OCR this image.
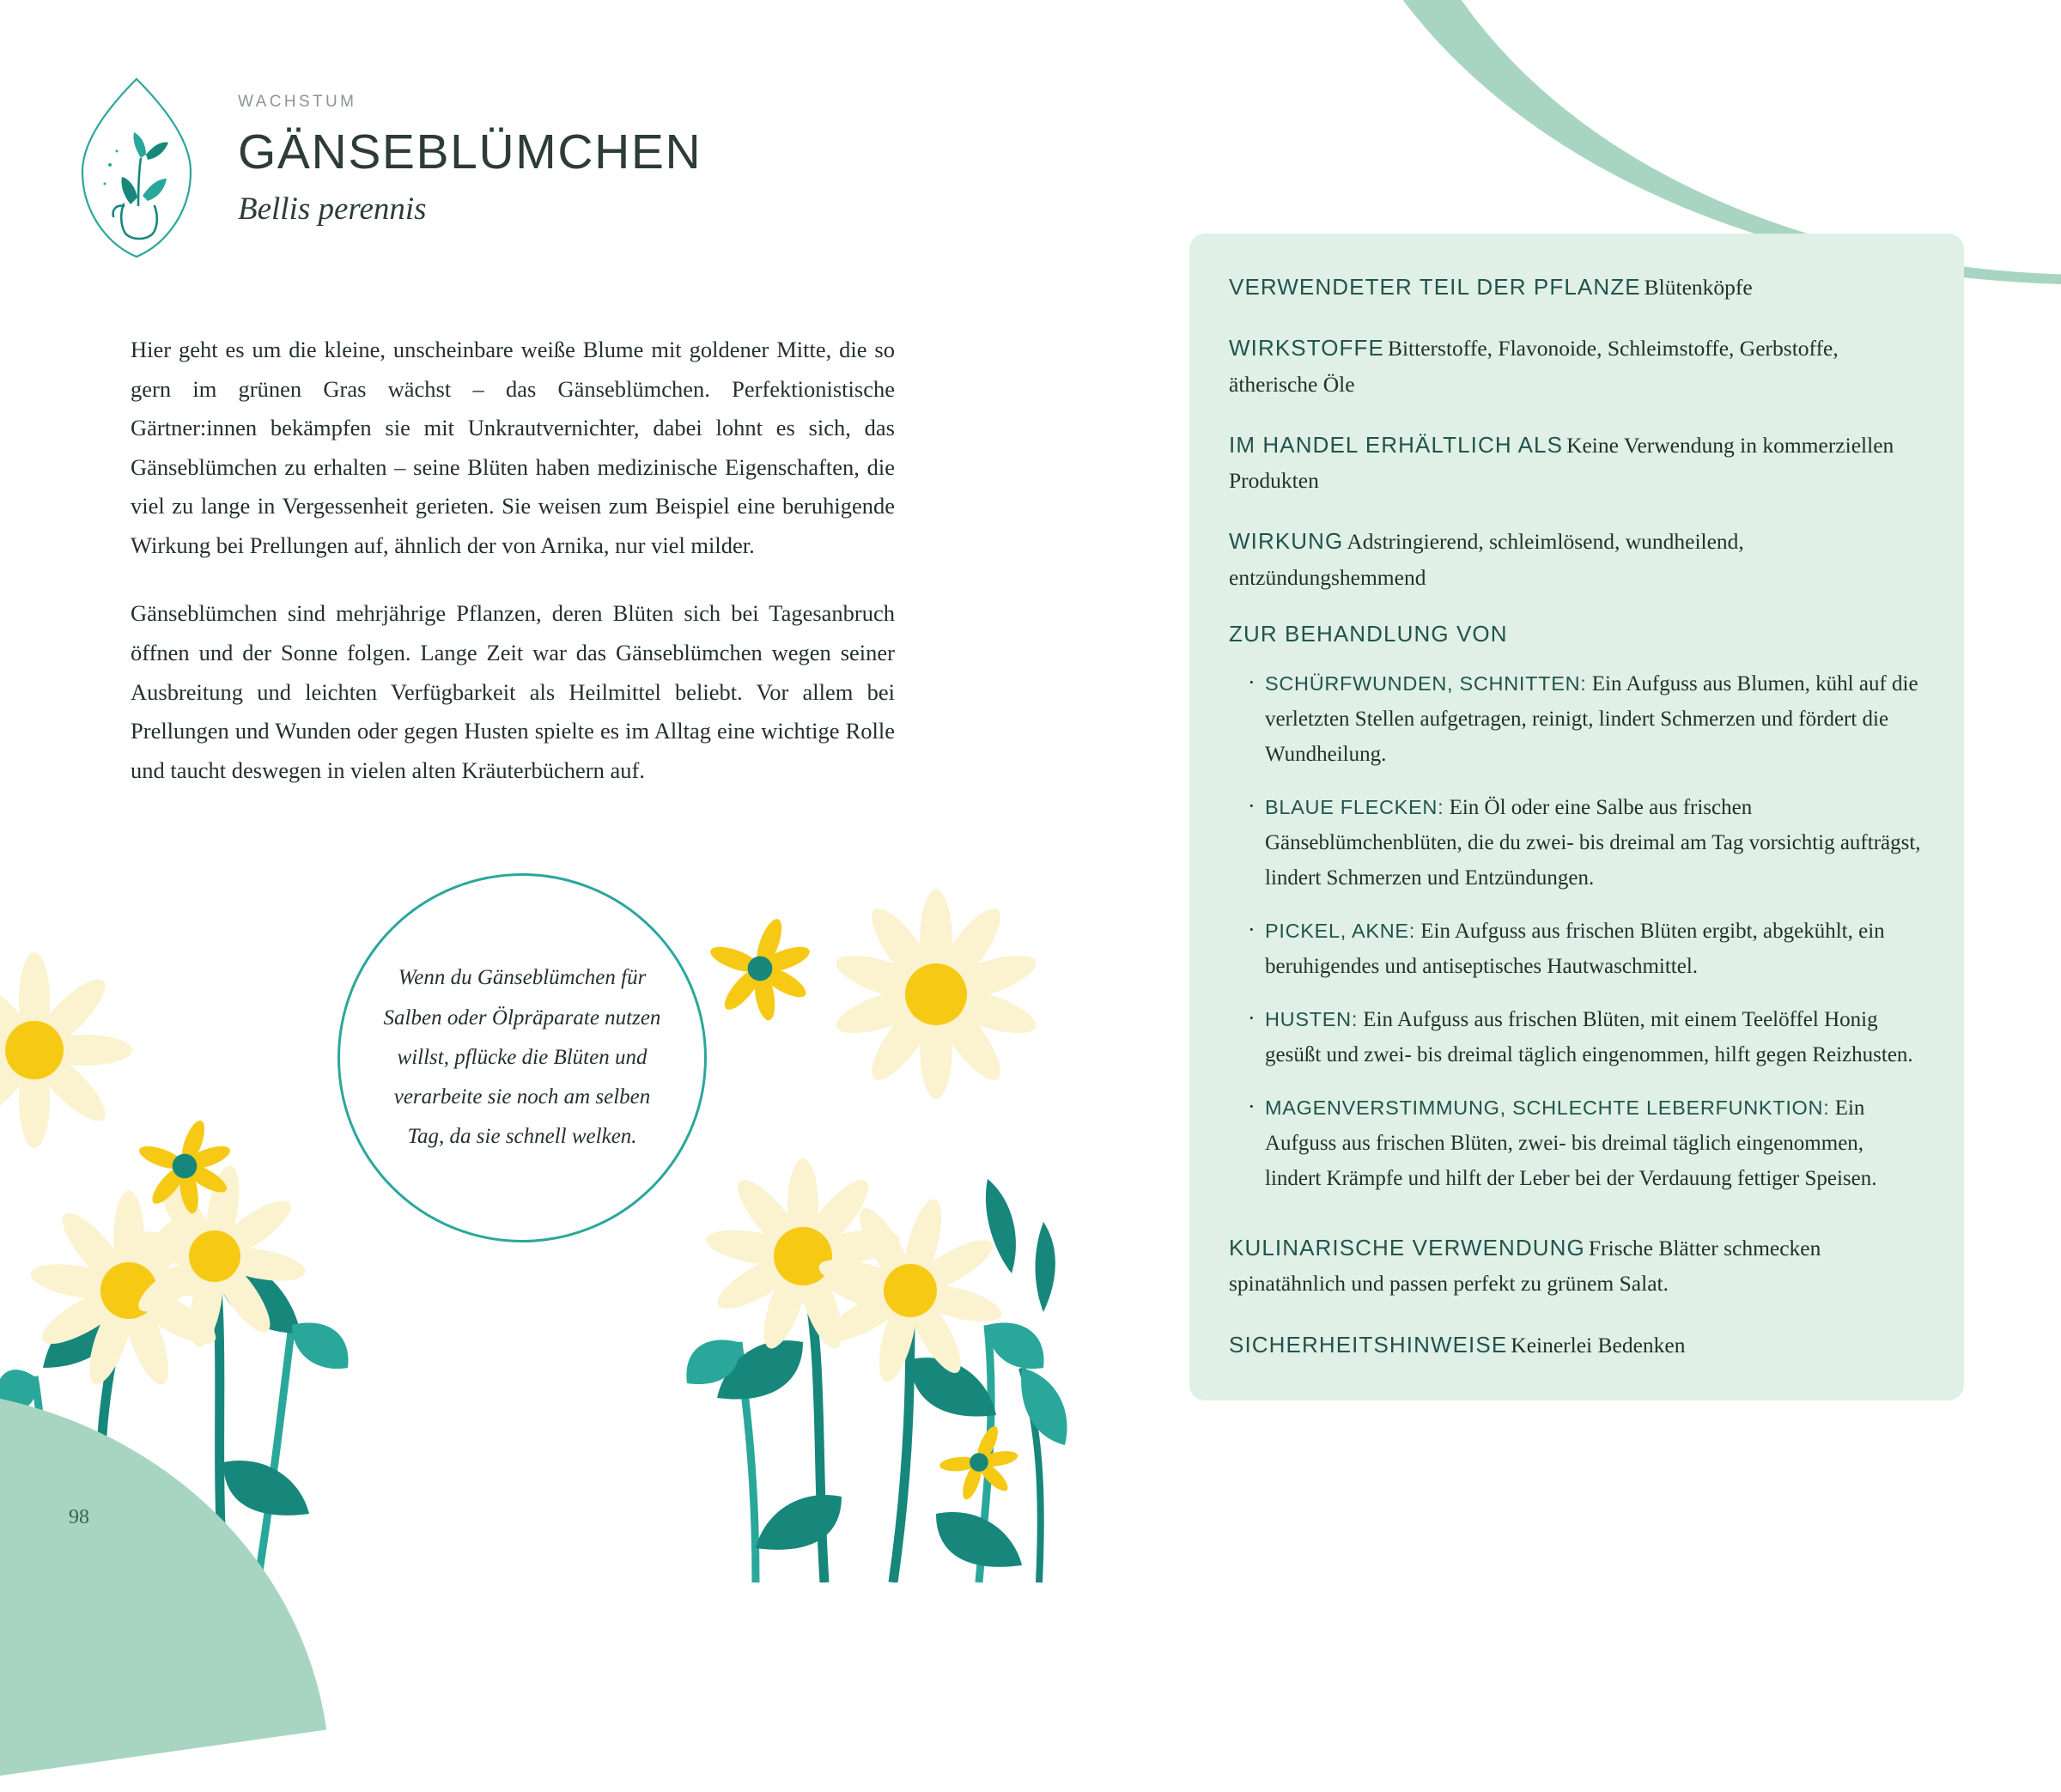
APRIL
98
WACHSTUM
GÄNSEBLÜMCHEN
Bellis perennis

Hier geht es um die kleine, unscheinbare weiße Blume mit goldener Mitte, die so gern im grünen Gras wächst – das Gänseblümchen. Perfektionistische Gärtner:innen bekämpfen sie mit Unkrautvernichter, dabei lohnt es sich, das Gänseblümchen zu erhalten – seine Blüten haben medizinische Eigenschaften, die viel zu lange in Vergessenheit gerieten. Sie weisen zum Beispiel eine beruhigende Wirkung bei Prellungen auf, ähnlich der von Arnika, nur viel milder.

Gänseblümchen sind mehrjährige Pflanzen, deren Blüten sich bei Tagesanbruch öffnen und der Sonne folgen. Lange Zeit war das Gänseblümchen wegen seiner Ausbreitung und leichten Verfügbarkeit als Heilmittel beliebt. Vor allem bei Prellungen und Wunden oder gegen Husten spielte es im Alltag eine wichtige Rolle und taucht deswegen in vielen alten Kräuterbüchern auf.

Wenn du Gänseblümchen für Salben oder Ölpräparate nutzen willst, pflücke die Blüten und verarbeite sie noch am selben Tag, da sie schnell welken.
VERWENDETER TEIL DER PFLANZE Blütenköpfe
WIRKSTOFFE Bitterstoffe, Flavonoide, Schleimstoffe, Gerbstoffe, ätherische Öle
IM HANDEL ERHÄLTLICH ALS Keine Verwendung in kommerziellen Produkten
WIRKUNG Adstringierend, schleimlösend, wundheilend, entzündungshemmend
ZUR BEHANDLUNG VON
· SCHÜRFWUNDEN, SCHNITTEN: Ein Aufguss aus Blumen, kühl auf die verletzten Stellen aufgetragen, reinigt, lindert Schmerzen und fördert die Wundheilung.
· BLAUE FLECKEN: Ein Öl oder eine Salbe aus frischen Gänseblümchenblüten, die du zwei- bis dreimal am Tag vorsichtig aufträgst, lindert Schmerzen und Entzündungen.
· PICKEL, AKNE: Ein Aufguss aus frischen Blüten ergibt, abgekühlt, ein beruhigendes und antiseptisches Hautwaschmittel.
· HUSTEN: Ein Aufguss aus frischen Blüten, mit einem Teelöffel Honig gesüßt und zwei- bis dreimal täglich eingenommen, hilft gegen Reizhusten.
· MAGENVERSTIMMUNG, SCHLECHTE LEBERFUNKTION: Ein Aufguss aus frischen Blüten, zwei- bis dreimal täglich eingenommen, lindert Krämpfe und hilft der Leber bei der Verdauung fettiger Speisen.
KULINARISCHE VERWENDUNG Frische Blätter schmecken spinatähnlich und passen perfekt zu grünem Salat.
SICHERHEITSHINWEISE Keinerlei Bedenken
